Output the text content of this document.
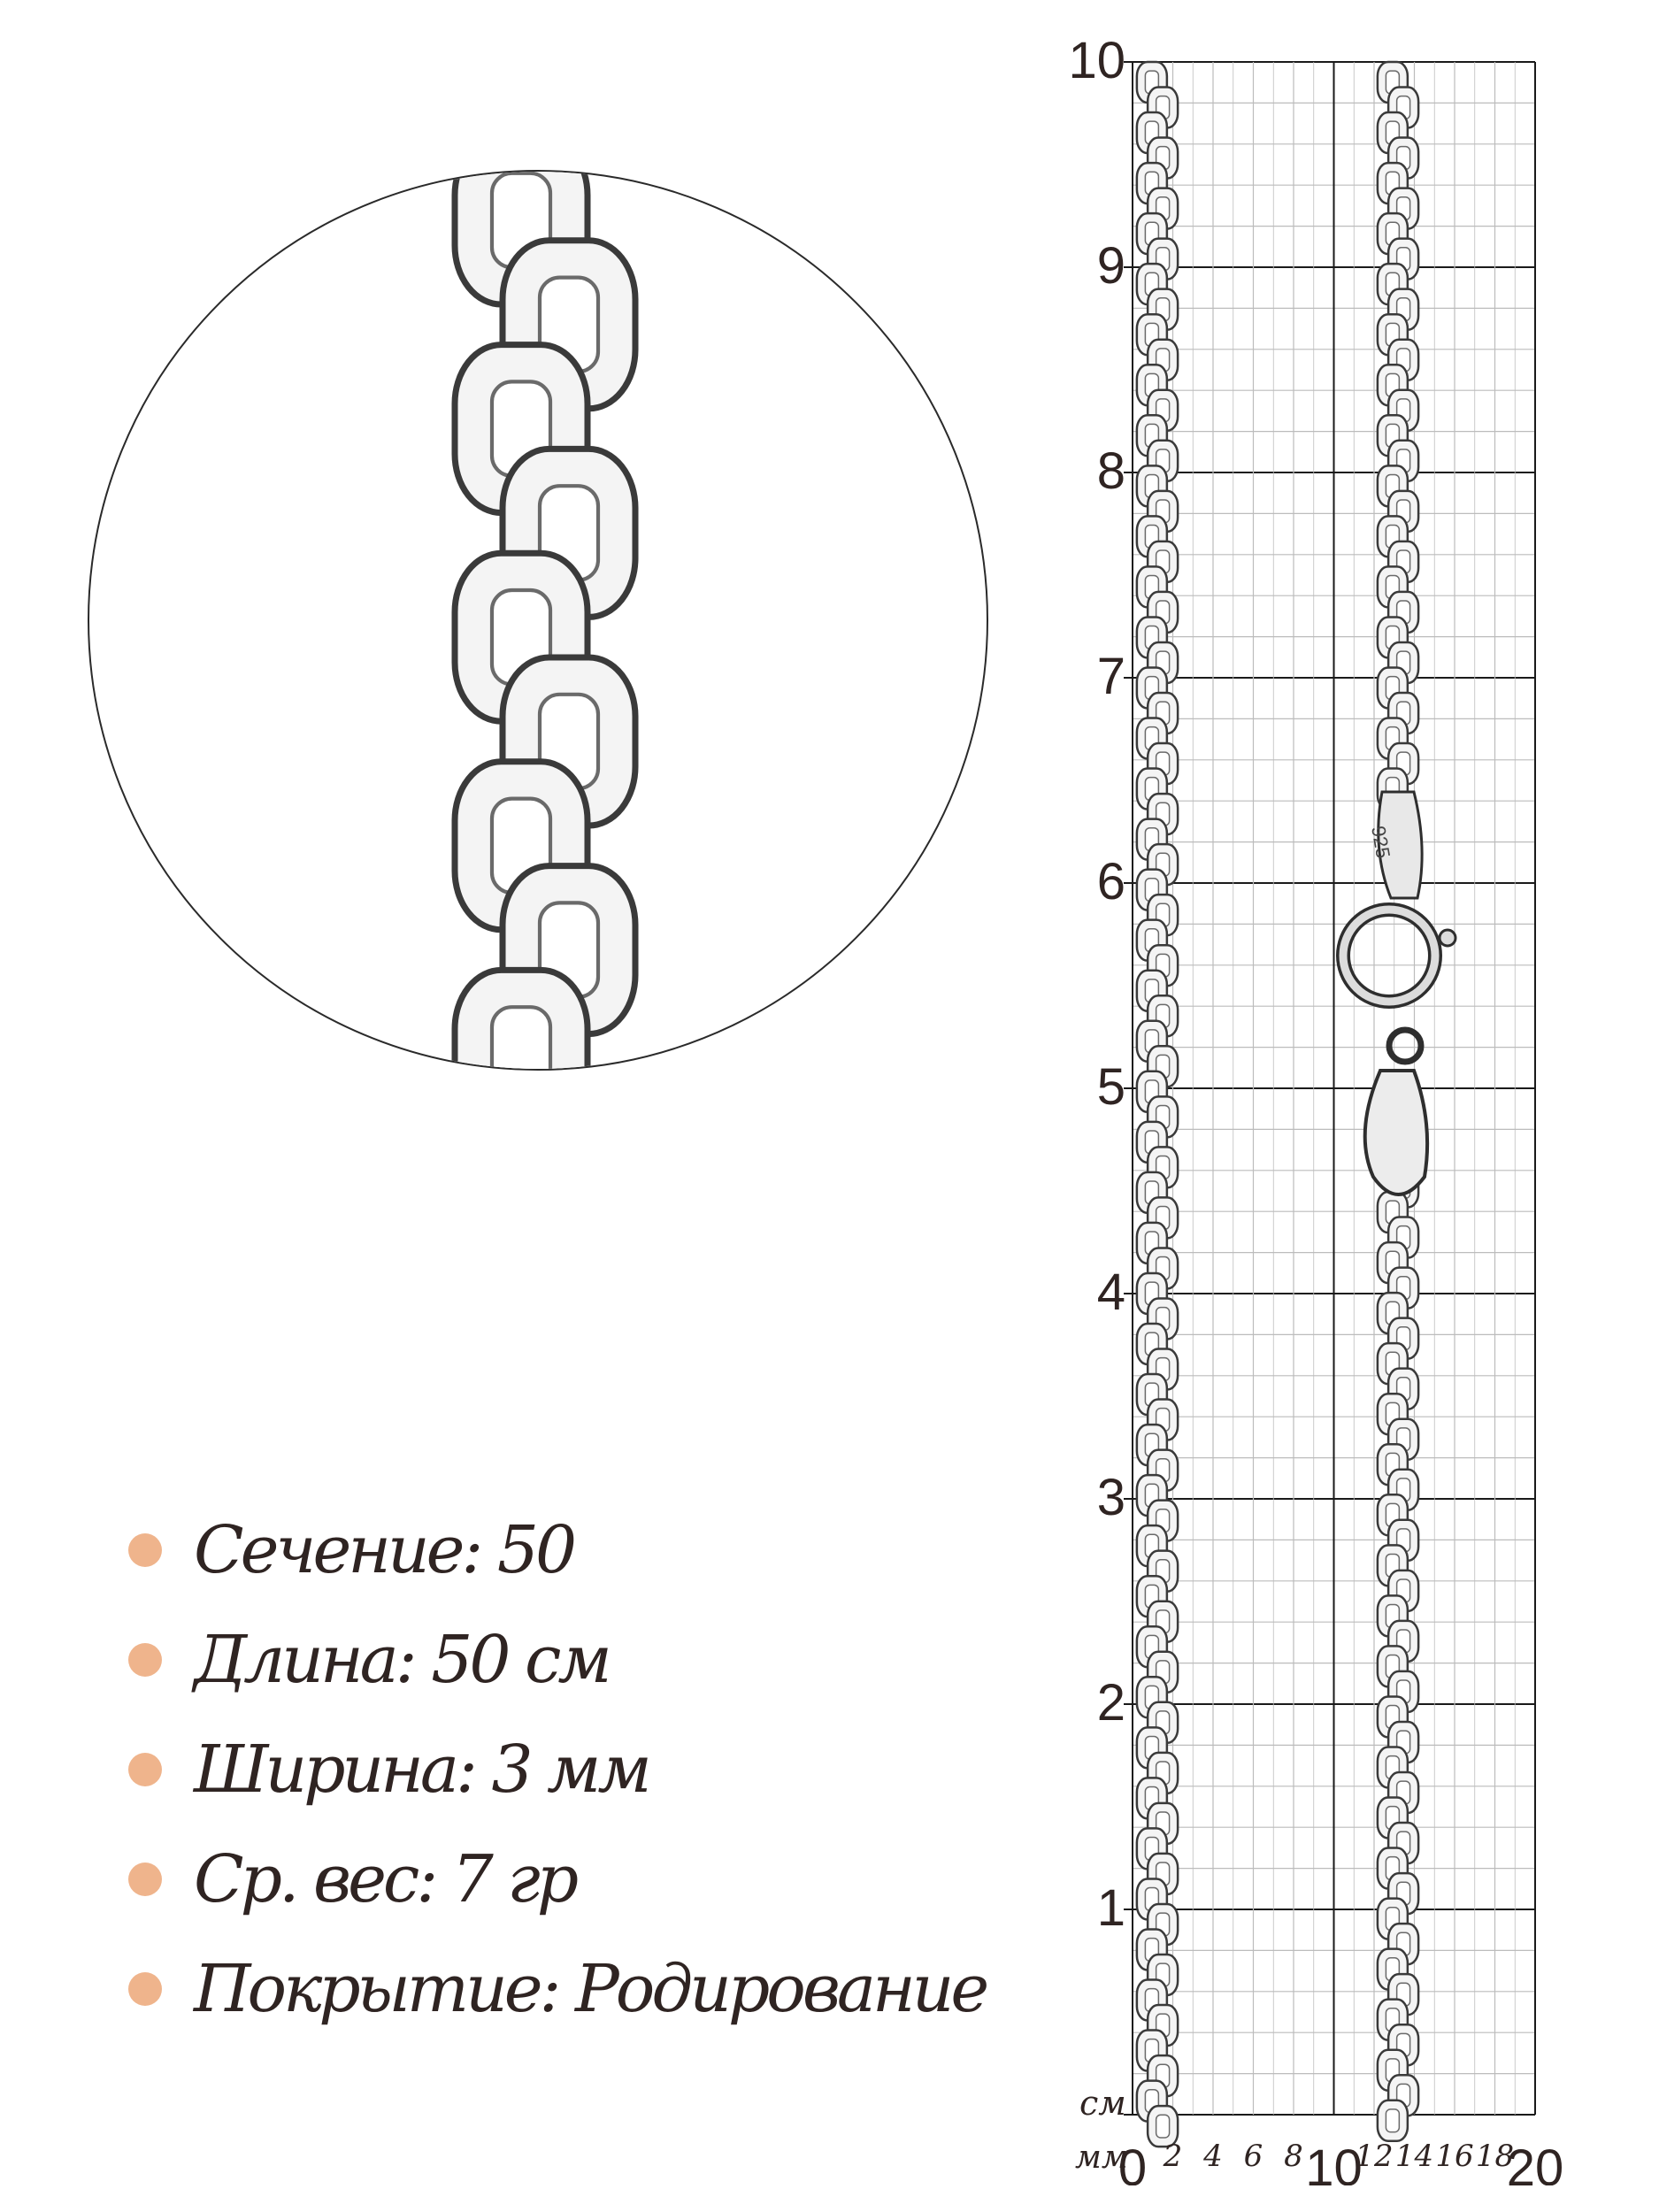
Сечение: 50
Длина: 50 см
Ширина: 3 мм
Ср. вес: 7 гр
Покрытие: Родирование
925
10
9
8
7
6
5
4
3
2
1
см
мм 2 4 6 8 12 14 16 18
0	10	20
